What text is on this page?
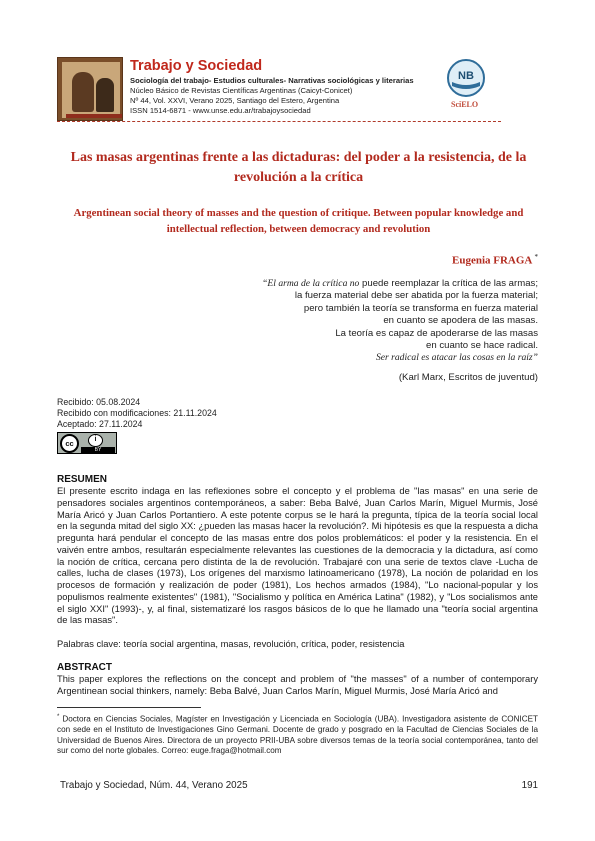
Trabajo y Sociedad
Sociología del trabajo- Estudios culturales- Narrativas sociológicas y literarias
Núcleo Básico de Revistas Científicas Argentinas (Caicyt-Conicet)
Nº 44, Vol. XXVI, Verano 2025, Santiago del Estero, Argentina
ISSN 1514-6871 - www.unse.edu.ar/trabajoysociedad
NB
SciELO
Las masas argentinas frente a las dictaduras: del poder a la resistencia, de la revolución a la crítica
Argentinean social theory of masses and the question of critique. Between popular knowledge and intellectual reflection, between democracy and revolution
Eugenia FRAGA *
“El arma de la crítica no puede reemplazar la crítica de las armas;
la fuerza material debe ser abatida por la fuerza material;
pero también la teoría se transforma en fuerza material
en cuanto se apodera de las masas.
La teoría es capaz de apoderarse de las masas
en cuanto se hace radical.
Ser radical es atacar las cosas en la raíz”
(Karl Marx, Escritos de juventud)
Recibido: 05.08.2024
Recibido con modificaciones: 21.11.2024
Aceptado: 27.11.2024
cc	i
BY
RESUMEN
El presente escrito indaga en las reflexiones sobre el concepto y el problema de "las masas" en una serie de pensadores sociales argentinos contemporáneos, a saber: Beba Balvé, Juan Carlos Marín, Miguel Murmis, José María Aricó y Juan Carlos Portantiero. A este potente corpus se le hará la pregunta, típica de la teoría social local en la segunda mitad del siglo XX: ¿pueden las masas hacer la revolución?. Mi hipótesis es que la respuesta a dicha pregunta hará pendular el concepto de las masas entre dos polos problemáticos: el poder y la resistencia. En el vaivén entre ambos, resultarán especialmente relevantes las cuestiones de la democracia y la dictadura, así como la noción de crítica, cercana pero distinta de la de revolución. Trabajaré con una serie de textos clave -Lucha de calles, lucha de clases (1973), Los orígenes del marxismo latinoamericano (1978), La noción de polaridad en los procesos de formación y realización de poder (1981), Los hechos armados (1984), "Lo nacional-popular y los populismos realmente existentes" (1981), "Socialismo y política en América Latina" (1982), y "Los socialismos ante el siglo XXI" (1993)-, y, al final, sistematizaré los rasgos básicos de lo que he llamado una "teoría social argentina de las masas".
Palabras clave: teoría social argentina, masas, revolución, crítica, poder, resistencia
ABSTRACT
This paper explores the reflections on the concept and problem of "the masses" of a number of contemporary Argentinean social thinkers, namely: Beba Balvé, Juan Carlos Marín, Miguel Murmis, José María Aricó and
* Doctora en Ciencias Sociales, Magíster en Investigación y Licenciada en Sociología (UBA). Investigadora asistente de CONICET con sede en el Instituto de Investigaciones Gino Germani. Docente de grado y posgrado en la Facultad de Ciencias Sociales de la Universidad de Buenos Aires. Directora de un proyecto PRII-UBA sobre diversos temas de la teoría social contemporánea, tanto del sur como del norte globales. Correo: euge.fraga@hotmail.com
Trabajo y Sociedad, Núm. 44, Verano 2025	191
